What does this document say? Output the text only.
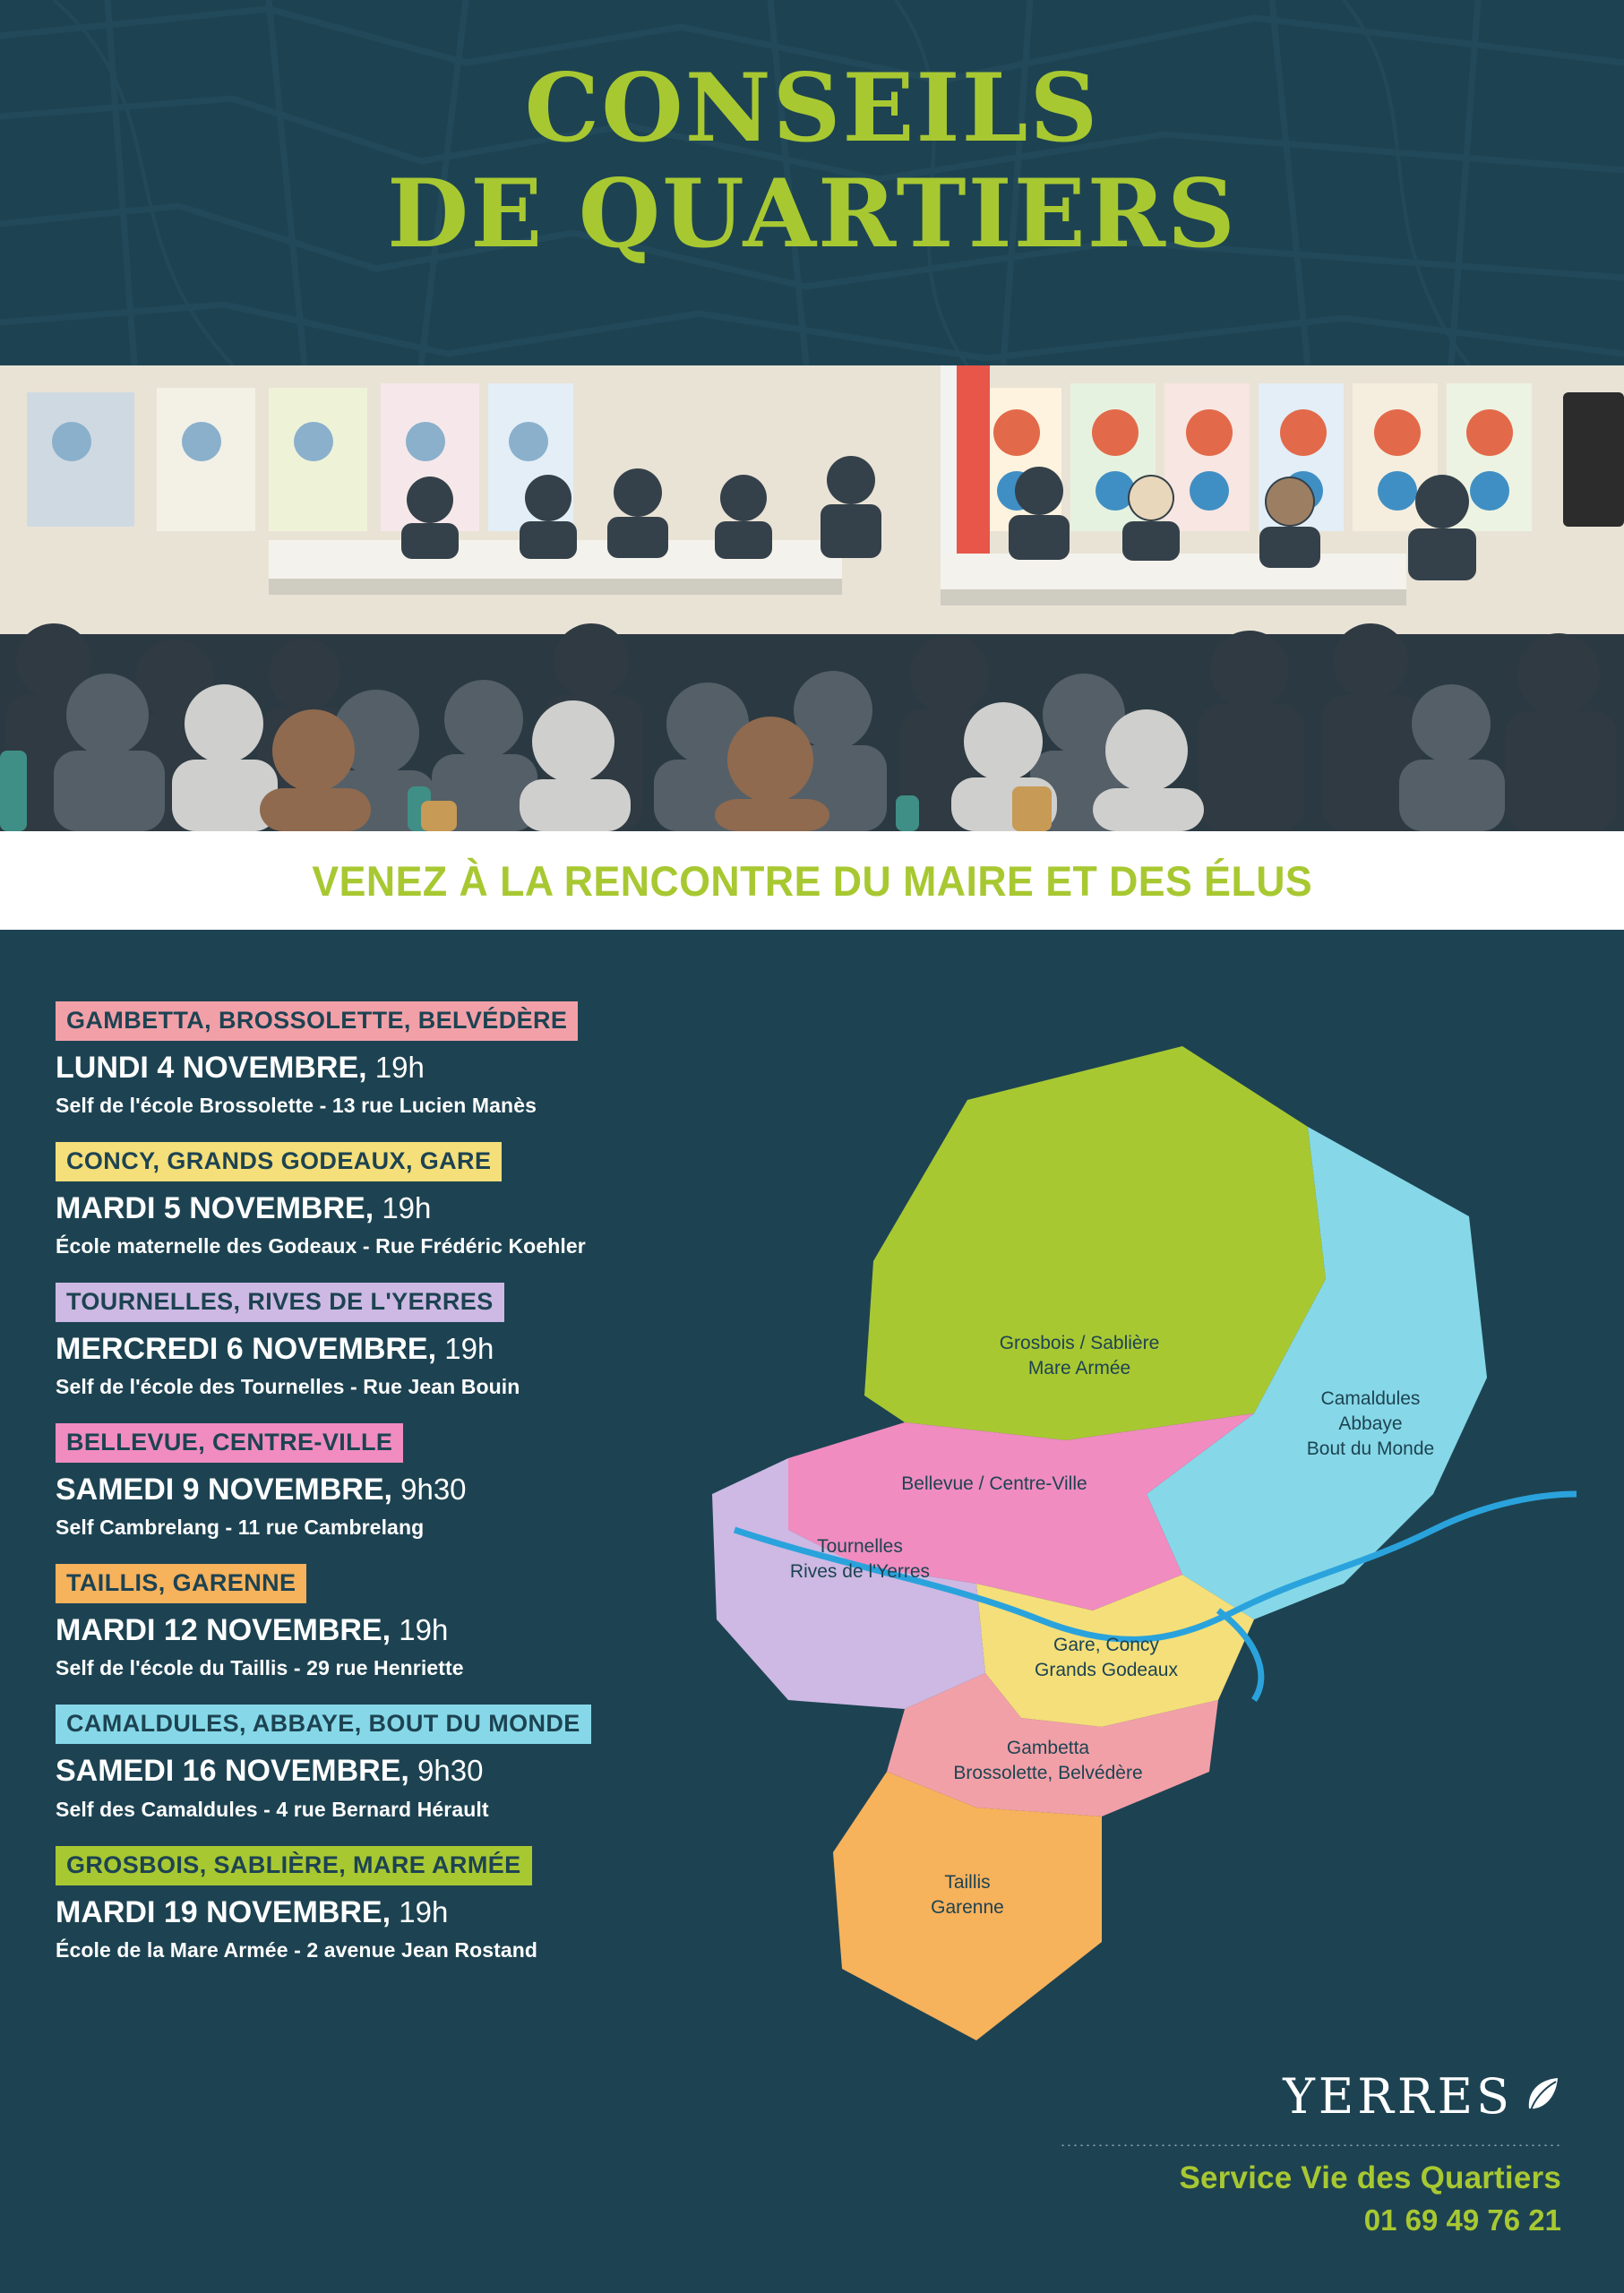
CONSEILS
DE QUARTIERS
VENEZ À LA RENCONTRE DU MAIRE ET DES ÉLUS
GAMBETTA, BROSSOLETTE, BELVÉDÈRE
LUNDI 4 NOVEMBRE, 19h
Self de l'école Brossolette - 13 rue Lucien Manès
CONCY, GRANDS GODEAUX, GARE
MARDI 5 NOVEMBRE, 19h
École maternelle des Godeaux - Rue Frédéric Koehler
TOURNELLES, RIVES DE L'YERRES
MERCREDI 6 NOVEMBRE, 19h
Self de l'école des Tournelles - Rue Jean Bouin
BELLEVUE, CENTRE-VILLE
SAMEDI 9 NOVEMBRE, 9h30
Self Cambrelang - 11 rue Cambrelang
TAILLIS, GARENNE
MARDI 12 NOVEMBRE, 19h
Self de l'école du Taillis - 29 rue Henriette
CAMALDULES, ABBAYE, BOUT DU MONDE
SAMEDI 16 NOVEMBRE, 9h30
Self des Camaldules - 4 rue Bernard Hérault
GROSBOIS, SABLIÈRE, MARE ARMÉE
MARDI 19 NOVEMBRE, 19h
École de la Mare Armée - 2 avenue Jean Rostand
Grosbois / Sablière
Mare Armée
Camaldules
Abbaye
Bout du Monde
Bellevue / Centre-Ville
Tournelles
Rives de l'Yerres
Gare, Concy
Grands Godeaux
Gambetta
Brossolette, Belvédère
Taillis
Garenne
YERRES
Service Vie des Quartiers
01 69 49 76 21
